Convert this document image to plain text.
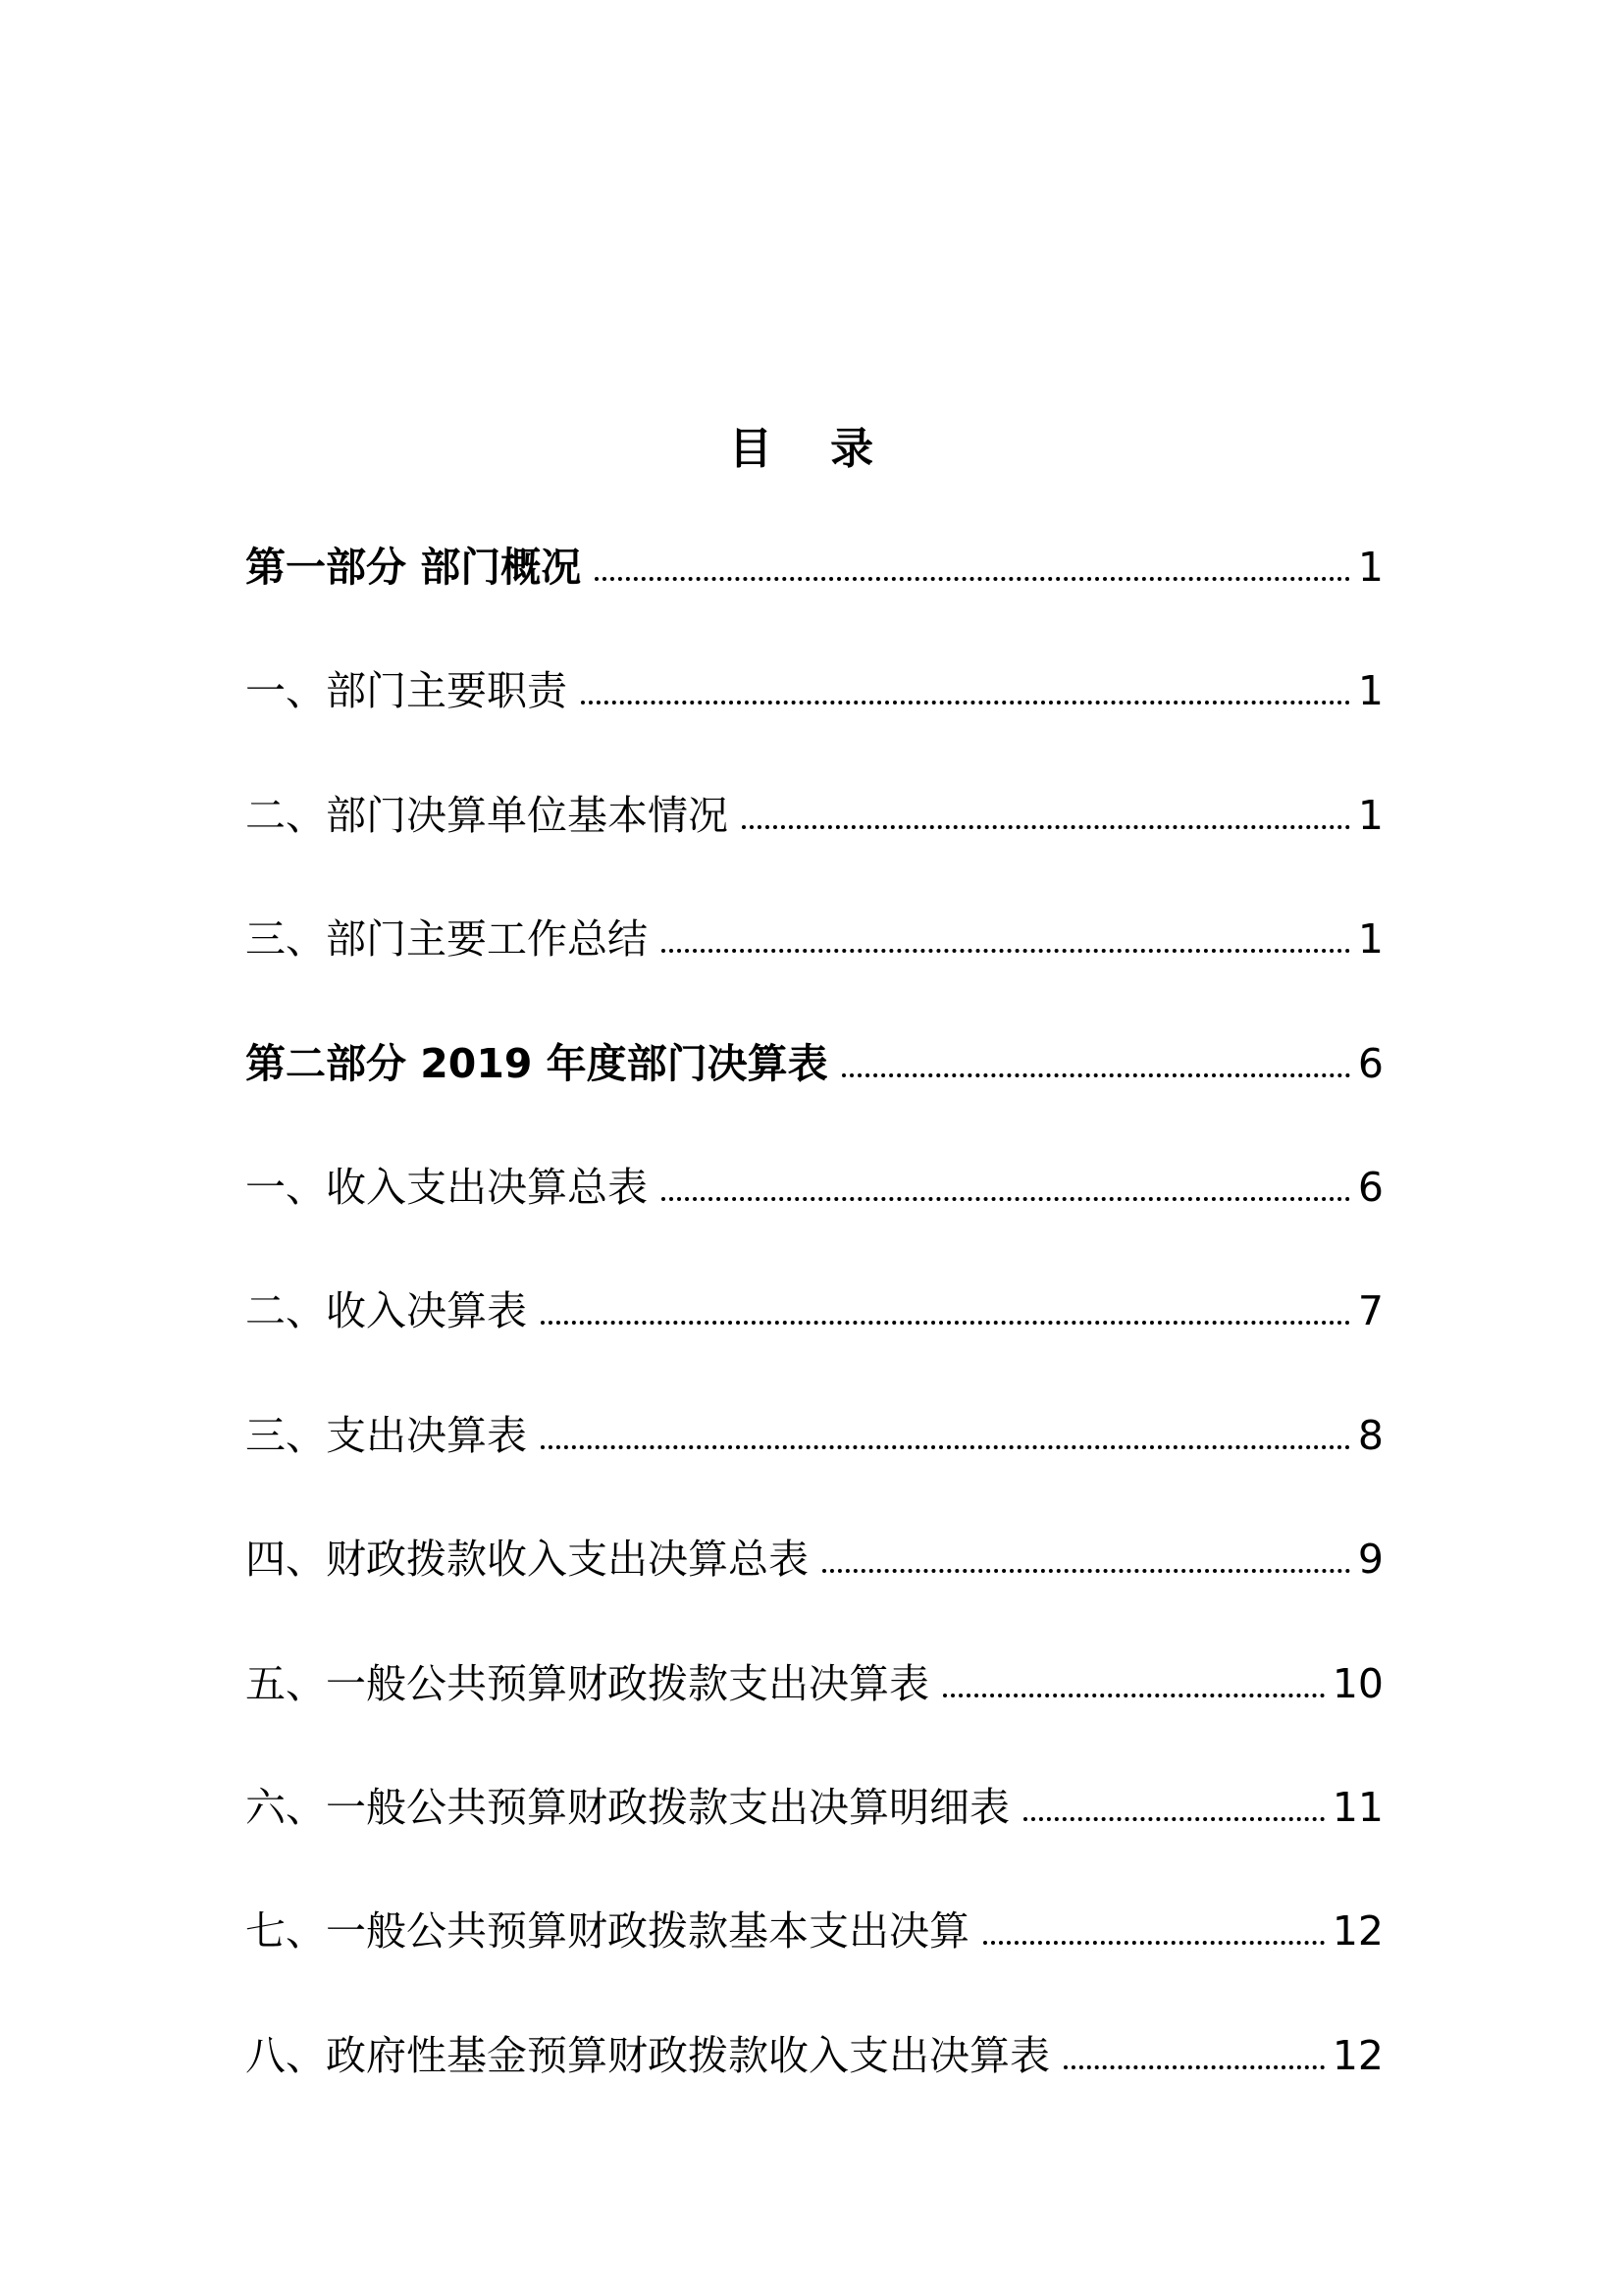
目 录
第一部分 部门概况	1
一、部门主要职责	1
二、部门决算单位基本情况	1
三、部门主要工作总结	1
第二部分 2019 年度部门决算表	6
一、收入支出决算总表	6
二、收入决算表	7
三、支出决算表	8
四、财政拨款收入支出决算总表	9
五、一般公共预算财政拨款支出决算表	10
六、一般公共预算财政拨款支出决算明细表	11
七、一般公共预算财政拨款基本支出决算	12
八、政府性基金预算财政拨款收入支出决算表	12
